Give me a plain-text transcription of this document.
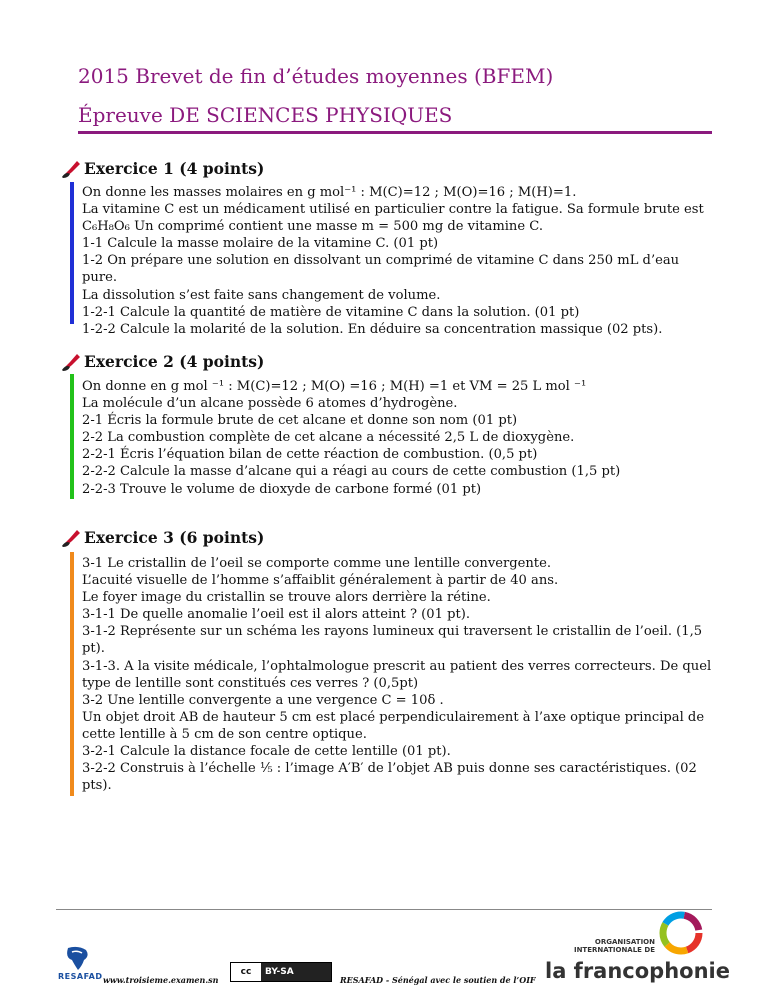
2015 Brevet de fin d’études moyennes (BFEM)
Épreuve DE SCIENCES PHYSIQUES
Exercice 1 (4 points)

On donne les masses molaires en g mol⁻¹ : M(C)=12 ; M(O)=16 ; M(H)=1.

La vitamine C est un médicament utilisé en particulier contre la fatigue. Sa formule brute est

C₆H₈O₆ Un comprimé contient une masse m = 500 mg de vitamine C.

1-1 Calcule la masse molaire de la vitamine C. (01 pt)

1-2 On prépare une solution en dissolvant un comprimé de vitamine C dans 250 mL d’eau pure.

La dissolution s’est faite sans changement de volume.

1-2-1 Calcule la quantité de matière de vitamine C dans la solution. (01 pt)

1-2-2 Calcule la molarité de la solution. En déduire sa concentration massique (02 pts).

Exercice 2 (4 points)

On donne en g mol ⁻¹ : M(C)=12 ; M(O) =16 ; M(H) =1 et VM = 25 L mol ⁻¹

La molécule d’un alcane possède 6 atomes d’hydrogène.

2-1 Écris la formule brute de cet alcane et donne son nom (01 pt)

2-2 La combustion complète de cet alcane a nécessité 2,5 L de dioxygène.

2-2-1 Écris l’équation bilan de cette réaction de combustion. (0,5 pt)

2-2-2 Calcule la masse d’alcane qui a réagi au cours de cette combustion (1,5 pt)

2-2-3 Trouve le volume de dioxyde de carbone formé (01 pt)

Exercice 3 (6 points)

3-1 Le cristallin de l’oeil se comporte comme une lentille convergente.

L’acuité visuelle de l’homme s’affaiblit généralement à partir de 40 ans.

Le foyer image du cristallin se trouve alors derrière la rétine.

3-1-1 De quelle anomalie l’oeil est il alors atteint ? (01 pt).

3-1-2 Représente sur un schéma les rayons lumineux qui traversent le cristallin de l’oeil. (1,5

pt).

3-1-3. A la visite médicale, l’ophtalmologue prescrit au patient des verres correcteurs. De quel

type de lentille sont constitués ces verres ? (0,5pt)

3-2 Une lentille convergente a une vergence C = 10δ .

Un objet droit AB de hauteur 5 cm est placé perpendiculairement à l’axe optique principal de

cette lentille à 5 cm de son centre optique.

3-2-1 Calcule la distance focale de cette lentille (01 pt).

3-2-2 Construis à l’échelle ⅕ : l’image A′B′ de l’objet AB puis donne ses caractéristiques. (02

pts).

RESAFAD www.troisieme.examen.sn
cc	BY-SA
RESAFAD - Sénégal avec le soutien de l’OIF
ORGANISATION INTERNATIONALE DE
la francophonie
